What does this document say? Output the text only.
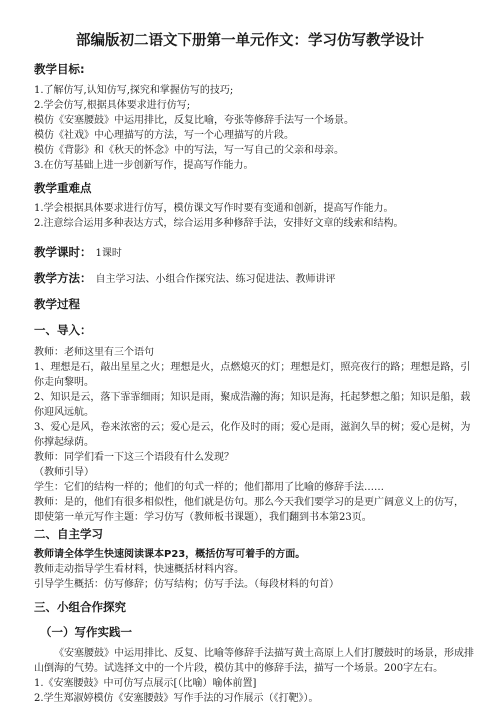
部编版初二语文下册第一单元作文：学习仿写教学设计
教学目标:
1.了解仿写,认知仿写,探究和掌握仿写的技巧;
2.学会仿写,根据具体要求进行仿写;
模仿《安塞腰鼓》中运用排比，反复比喻，夸张等修辞手法写一个场景。
模仿《社戏》中心理描写的方法，写一个心理描写的片段。
模仿《背影》和《秋天的怀念》中的写法，写一写自己的父亲和母亲。
3.在仿写基础上进一步创新写作，提高写作能力。
教学重难点
1.学会根据具体要求进行仿写，模仿课文写作时要有变通和创新，提高写作能力。
2.注意综合运用多种表达方式，综合运用多种修辞手法，安排好文章的线索和结构。
教学课时： 1课时
教学方法： 自主学习法、小组合作探究法、练习促进法、教师讲评
教学过程
一、导入：
教师：老师这里有三个语句
1、理想是石，敲出星星之火；理想是火，点燃熄灭的灯；理想是灯，照亮夜行的路；理想是路，引
你走向黎明。
2、知识是云，落下霏霏细雨；知识是雨，聚成浩瀚的海；知识是海，托起梦想之船；知识是船，载
你迎风远航。
3、爱心是风，卷来浓密的云；爱心是云，化作及时的雨；爱心是雨，滋润久旱的树；爱心是树，为
你撑起绿荫。
教师：同学们看一下这三个语段有什么发现？
（教师引导）
学生：它们的结构一样的；他们的句式一样的；他们都用了比喻的修辞手法……
教师：是的，他们有很多相似性，他们就是仿句。那么今天我们要学习的是更广阔意义上的仿写，
即使第一单元写作主题：学习仿写（教师板书课题），我们翻到书本第23页。
二、自主学习
教师请全体学生快速阅读课本P23，概括仿写可着手的方面。
教师走动指导学生看材料，快速概括材料内容。
引导学生概括：仿写修辞；仿写结构；仿写手法。（每段材料的句首）
三、小组合作探究
（一）写作实践一
《安塞腰鼓》中运用排比、反复、比喻等修辞手法描写黄土高原上人们打腰鼓时的场景，形成排
山倒海的气势。试选择文中的一个片段，模仿其中的修辞手法，描写一个场景。200字左右。
1.《安塞腰鼓》中可仿写点展示[（比喻）喻体前置]
2.学生郑淑婷模仿《安塞腰鼓》写作手法的习作展示（《打靶》）。
